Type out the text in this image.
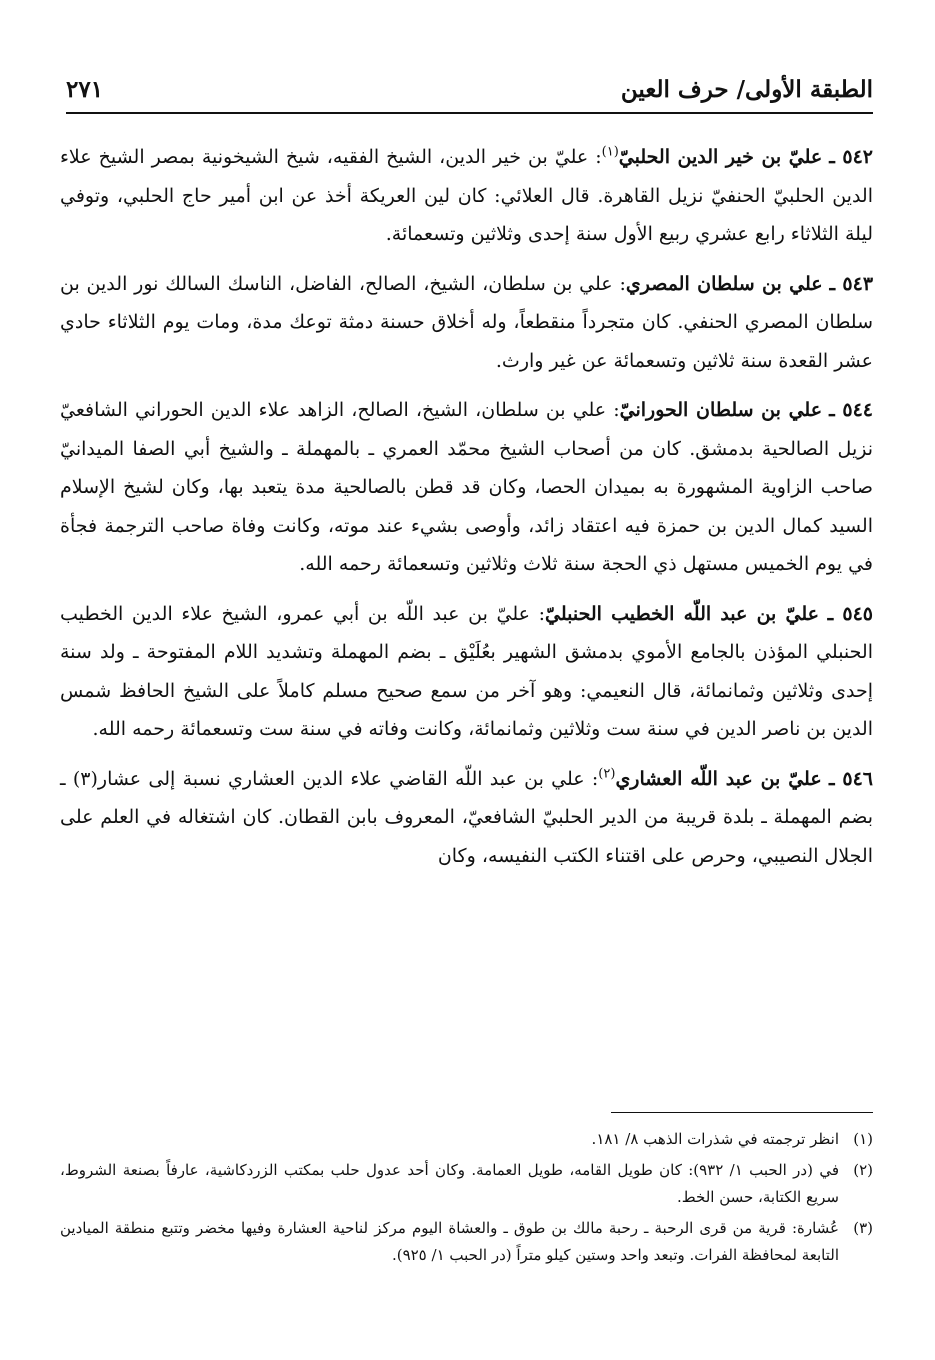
الطبقة الأولى/ حرف العين
٢٧١

٥٤٢ ـ عليّ بن خير الدين الحلبيّ$^{(١)}$: عليّ بن خير الدين، الشيخ الفقيه، شيخ الشيخونية بمصر الشيخ علاء الدين الحلبيّ الحنفيّ نزيل القاهرة. قال العلائي: كان لين العريكة أخذ عن ابن أمير حاج الحلبي، وتوفي ليلة الثلاثاء رابع عشري ربيع الأول سنة إحدى وثلاثين وتسعمائة.

٥٤٣ ـ علي بن سلطان المصري: علي بن سلطان، الشيخ، الصالح، الفاضل، الناسك السالك نور الدين بن سلطان المصري الحنفي. كان متجرداً منقطعاً، وله أخلاق حسنة دمثة توعك مدة، ومات يوم الثلاثاء حادي عشر القعدة سنة ثلاثين وتسعمائة عن غير وارث.

٥٤٤ ـ علي بن سلطان الحورانيّ: علي بن سلطان، الشيخ، الصالح، الزاهد علاء الدين الحوراني الشافعيّ نزيل الصالحية بدمشق. كان من أصحاب الشيخ محمّد العمري ـ بالمهملة ـ والشيخ أبي الصفا الميدانيّ صاحب الزاوية المشهورة به بميدان الحصا، وكان قد قطن بالصالحية مدة يتعبد بها، وكان لشيخ الإسلام السيد كمال الدين بن حمزة فيه اعتقاد زائد، وأوصى بشيء عند موته، وكانت وفاة صاحب الترجمة فجأة في يوم الخميس مستهل ذي الحجة سنة ثلاث وثلاثين وتسعمائة رحمه الله.

٥٤٥ ـ عليّ بن عبد اللّه الخطيب الحنبليّ: عليّ بن عبد اللّه بن أبي عمرو، الشيخ علاء الدين الخطيب الحنبلي المؤذن بالجامع الأموي بدمشق الشهير بعُلَيْق ـ بضم المهملة وتشديد اللام المفتوحة ـ ولد سنة إحدى وثلاثين وثمانمائة، قال النعيمي: وهو آخر من سمع صحيح مسلم كاملاً على الشيخ الحافظ شمس الدين بن ناصر الدين في سنة ست وثلاثين وثمانمائة، وكانت وفاته في سنة ست وتسعمائة رحمه الله.

٥٤٦ ـ عليّ بن عبد اللّه العشاري$^{(٢)}$: علي بن عبد اللّه القاضي علاء الدين العشاري نسبة إلى عشار(٣) ـ بضم المهملة ـ بلدة قريبة من الدير الحلبيّ الشافعيّ، المعروف بابن القطان. كان اشتغاله في العلم على الجلال النصيبي، وحرص على اقتناء الكتب النفيسه، وكان

(١)
انظر ترجمته في شذرات الذهب ٨/ ١٨١.
(٢)
في (در الحبب ١/ ٩٣٢): كان طويل القامه، طويل العمامة. وكان أحد عدول حلب بمكتب الزردكاشية، عارفاً بصنعة الشروط، سريع الكتابة، حسن الخط.
(٣)
عُشارة: قرية من قرى الرحبة ـ رحبة مالك بن طوق ـ والعشاة اليوم مركز لناحية العشارة وفيها مخضر وتتبع منطقة الميادين التابعة لمحافظة الفرات. وتبعد واحد وستين كيلو متراً (در الحبب ١/ ٩٢٥).
